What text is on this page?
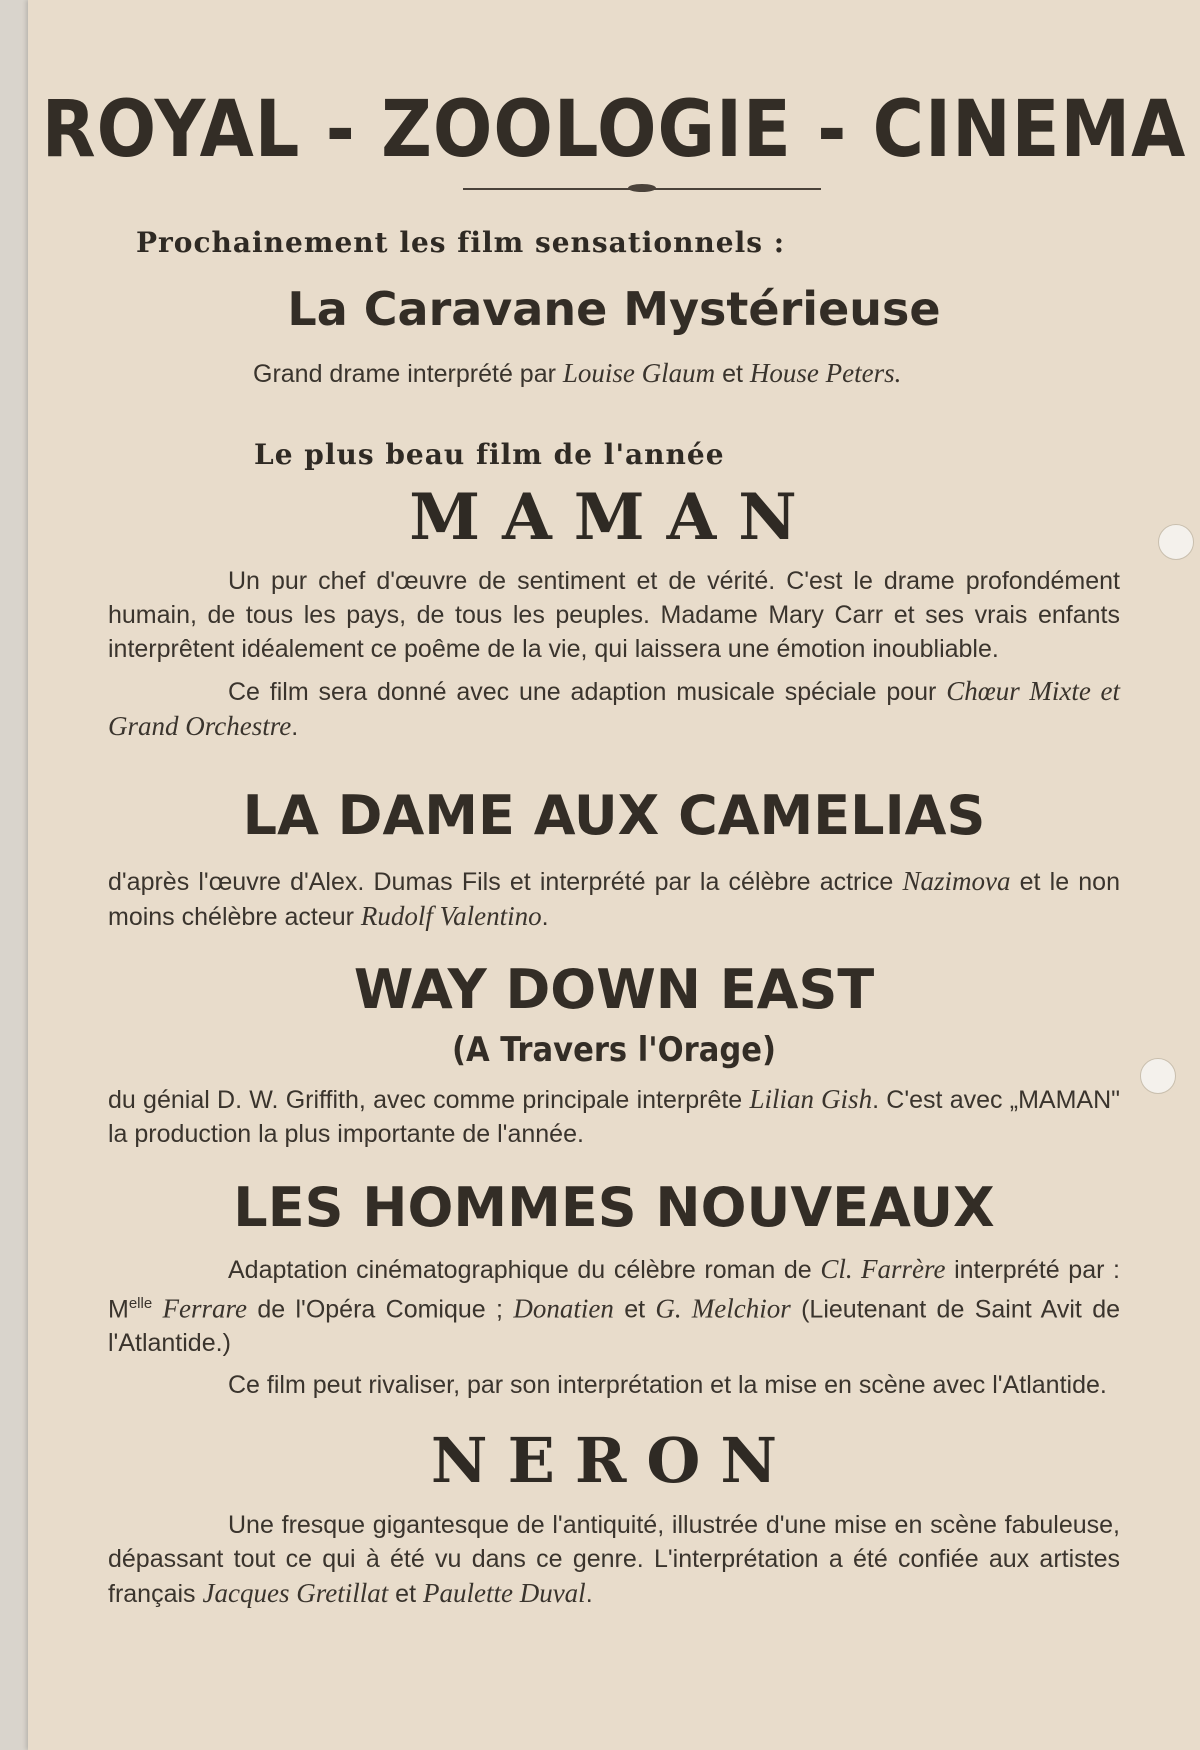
ROYAL - ZOOLOGIE - CINEMA
Prochainement les film sensationnels :
La Caravane Mystérieuse
Grand drame interprété par Louise Glaum et House Peters.
Le plus beau film de l'année
MAMAN
Un pur chef d'œuvre de sentiment et de vérité. C'est le drame profondément humain, de tous les pays, de tous les peuples. Madame Mary Carr et ses vrais enfants interprêtent idéalement ce poême de la vie, qui laissera une émotion inoubliable.
Ce film sera donné avec une adaption musicale spéciale pour Chœur Mixte et Grand Orchestre.
LA DAME AUX CAMELIAS
d'après l'œuvre d'Alex. Dumas Fils et interprété par la célèbre actrice Nazimova et le non moins chélèbre acteur Rudolf Valentino.
WAY DOWN EAST
(A Travers l'Orage)
du génial D. W. Griffith, avec comme principale interprête Lilian Gish. C'est avec „MAMAN" la production la plus importante de l'année.
LES HOMMES NOUVEAUX
Adaptation cinématographique du célèbre roman de Cl. Farrère interprété par : $M^{elle}$ Ferrare de l'Opéra Comique ; Donatien et G. Melchior (Lieutenant de Saint Avit de l'Atlantide.)
Ce film peut rivaliser, par son interprétation et la mise en scène avec l'Atlantide.
NERON
Une fresque gigantesque de l'antiquité, illustrée d'une mise en scène fabuleuse, dépassant tout ce qui à été vu dans ce genre. L'interprétation a été confiée aux artistes français Jacques Gretillat et Paulette Duval.
